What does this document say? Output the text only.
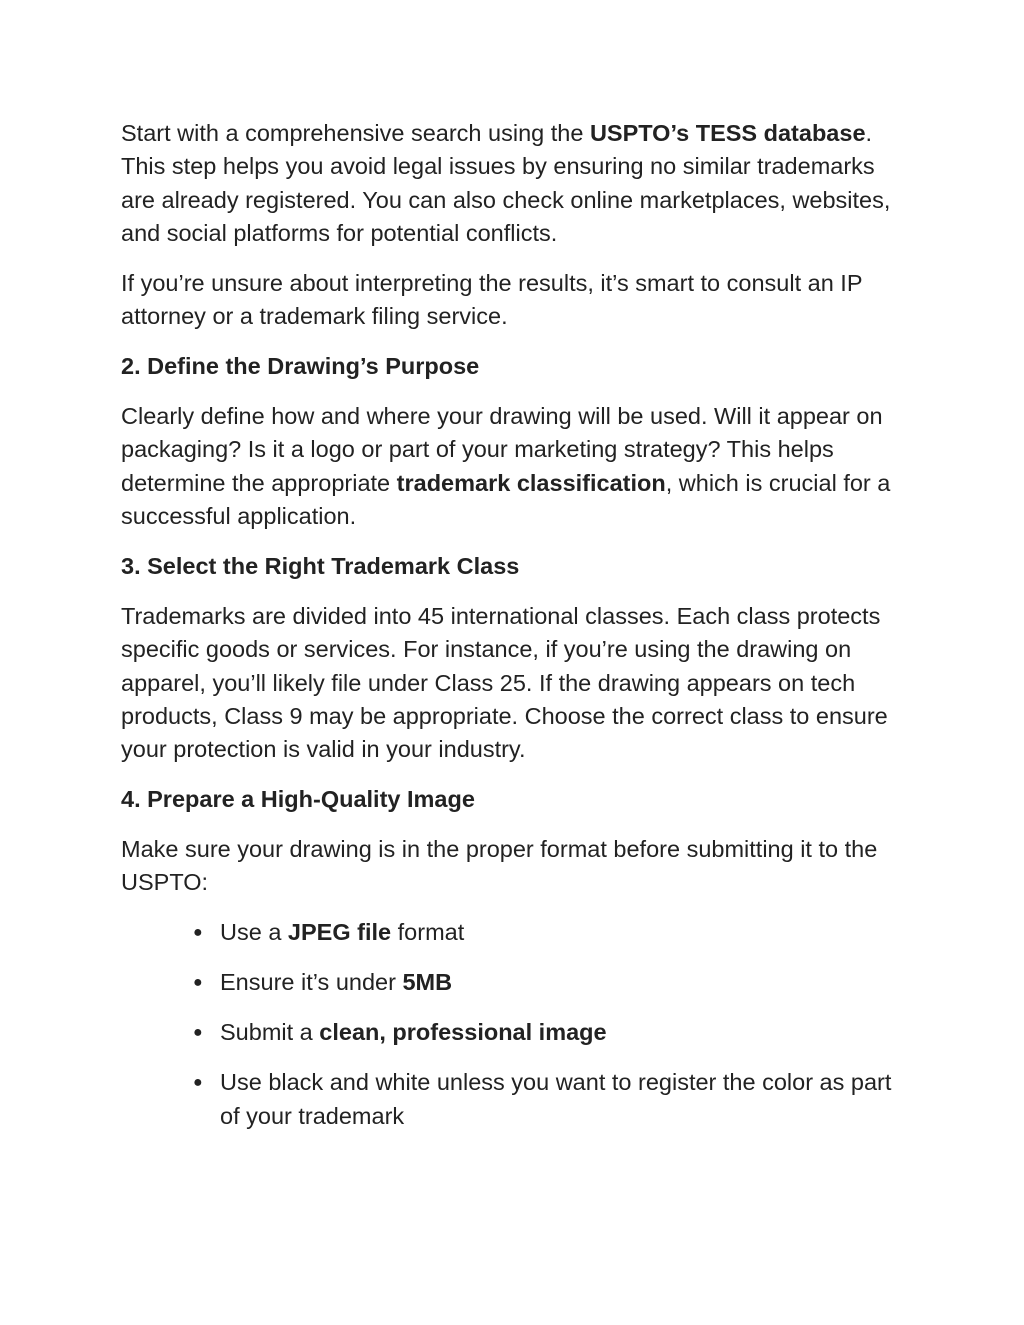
Start with a comprehensive search using the USPTO’s TESS database. This step helps you avoid legal issues by ensuring no similar trademarks are already registered. You can also check online marketplaces, websites, and social platforms for potential conflicts.

If you’re unsure about interpreting the results, it’s smart to consult an IP attorney or a trademark filing service.

2. Define the Drawing’s Purpose

Clearly define how and where your drawing will be used. Will it appear on packaging? Is it a logo or part of your marketing strategy? This helps determine the appropriate trademark classification, which is crucial for a successful application.

3. Select the Right Trademark Class

Trademarks are divided into 45 international classes. Each class protects specific goods or services. For instance, if you’re using the drawing on apparel, you’ll likely file under Class 25. If the drawing appears on tech products, Class 9 may be appropriate. Choose the correct class to ensure your protection is valid in your industry.

4. Prepare a High-Quality Image

Make sure your drawing is in the proper format before submitting it to the USPTO:

● Use a JPEG file format
● Ensure it’s under 5MB
● Submit a clean, professional image
● Use black and white unless you want to register the color as part of your trademark
